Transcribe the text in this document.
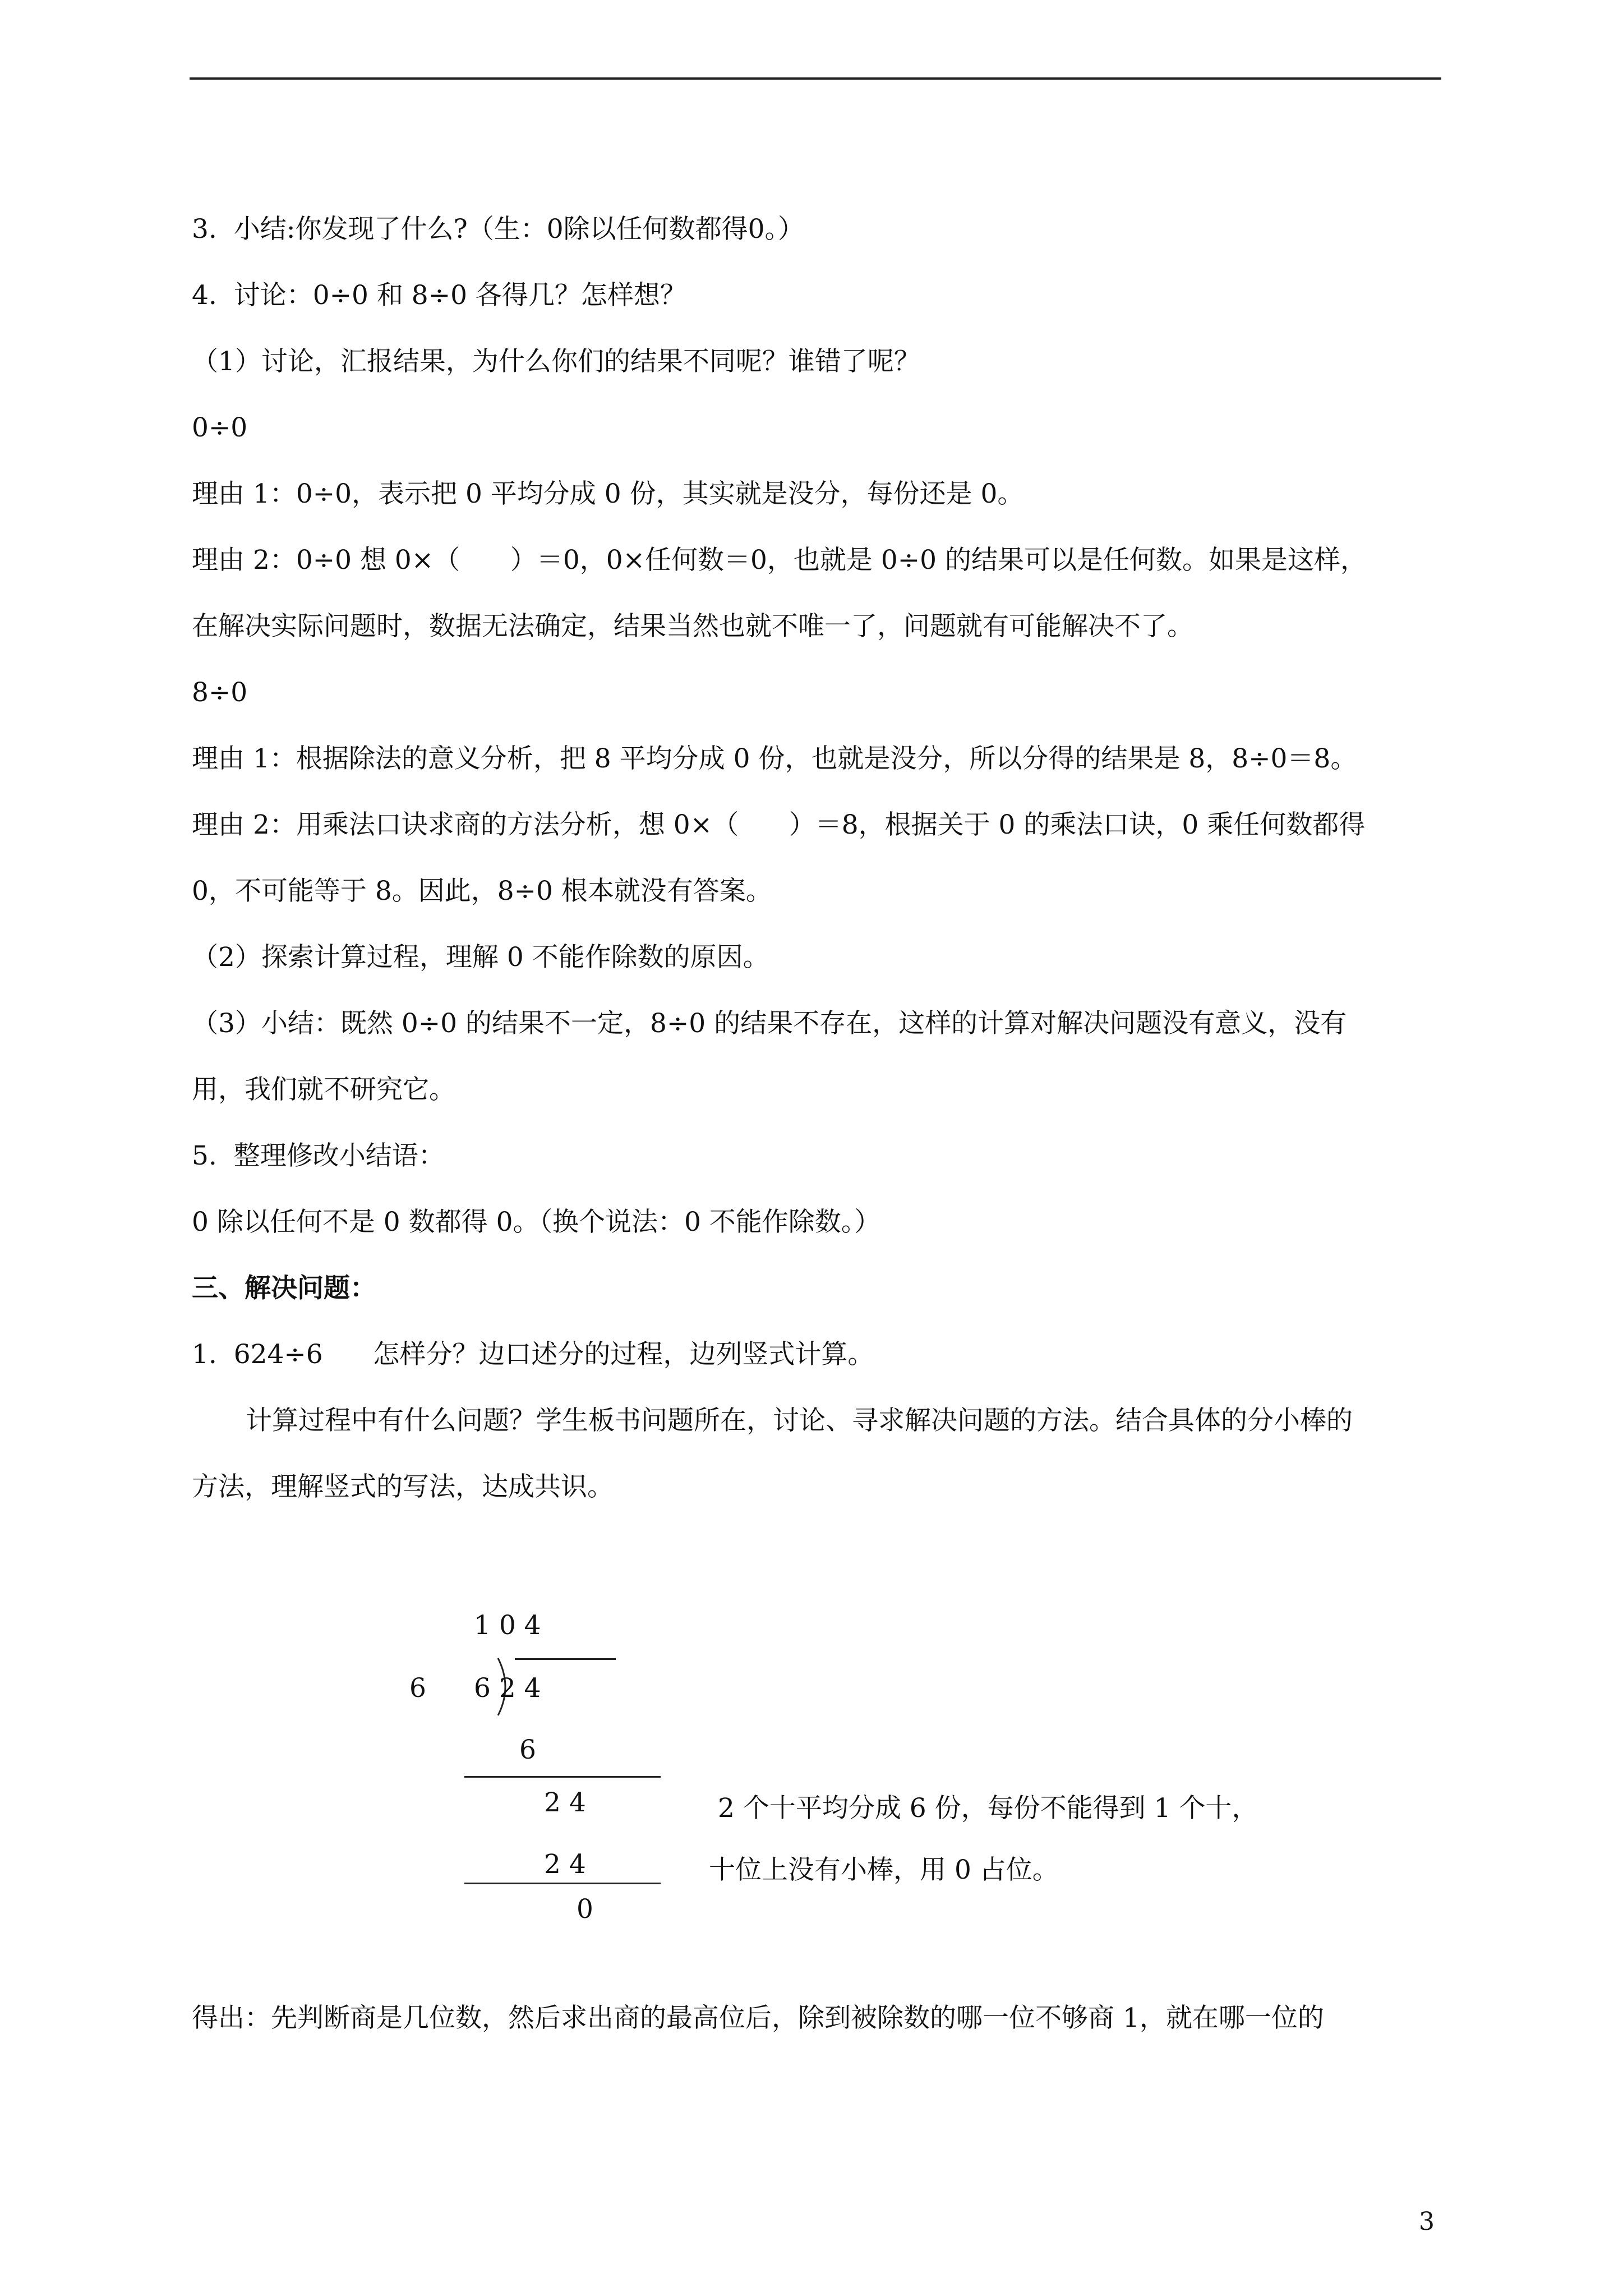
3.  小结:你发现了什么?（生：0除以任何数都得0。）

4.  讨论：0÷0 和 8÷0 各得几？怎样想？

（1）讨论，汇报结果，为什么你们的结果不同呢？谁错了呢？

0÷0

理由 1：0÷0，表示把 0 平均分成 0 份，其实就是没分，每份还是 0。

理由 2：0÷0 想 0×（      ）＝0，0×任何数＝0，也就是 0÷0 的结果可以是任何数。如果是这样，

在解决实际问题时，数据无法确定，结果当然也就不唯一了，问题就有可能解决不了。

8÷0

理由 1：根据除法的意义分析，把 8 平均分成 0 份，也就是没分，所以分得的结果是 8，8÷0＝8。

理由 2：用乘法口诀求商的方法分析，想 0×（      ）＝8，根据关于 0 的乘法口诀，0 乘任何数都得

0，不可能等于 8。因此，8÷0 根本就没有答案。

（2）探索计算过程，理解 0 不能作除数的原因。

（3）小结：既然 0÷0 的结果不一定，8÷0 的结果不存在，这样的计算对解决问题没有意义，没有

用，我们就不研究它。

5.  整理修改小结语：

0 除以任何不是 0 数都得 0。（换个说法：0 不能作除数。）

三、解决问题：

1.  624÷6      怎样分？边口述分的过程，边列竖式计算。

计算过程中有什么问题？学生板书问题所在，讨论、寻求解决问题的方法。结合具体的分小棒的

方法，理解竖式的写法，达成共识。

1 0 4
6 6 2 4
6
2 4
2 4
0
2 个十平均分成 6 份，每份不能得到 1 个十，
十位上没有小棒，用 0 占位。
得出：先判断商是几位数，然后求出商的最高位后，除到被除数的哪一位不够商 1，就在哪一位的
3
